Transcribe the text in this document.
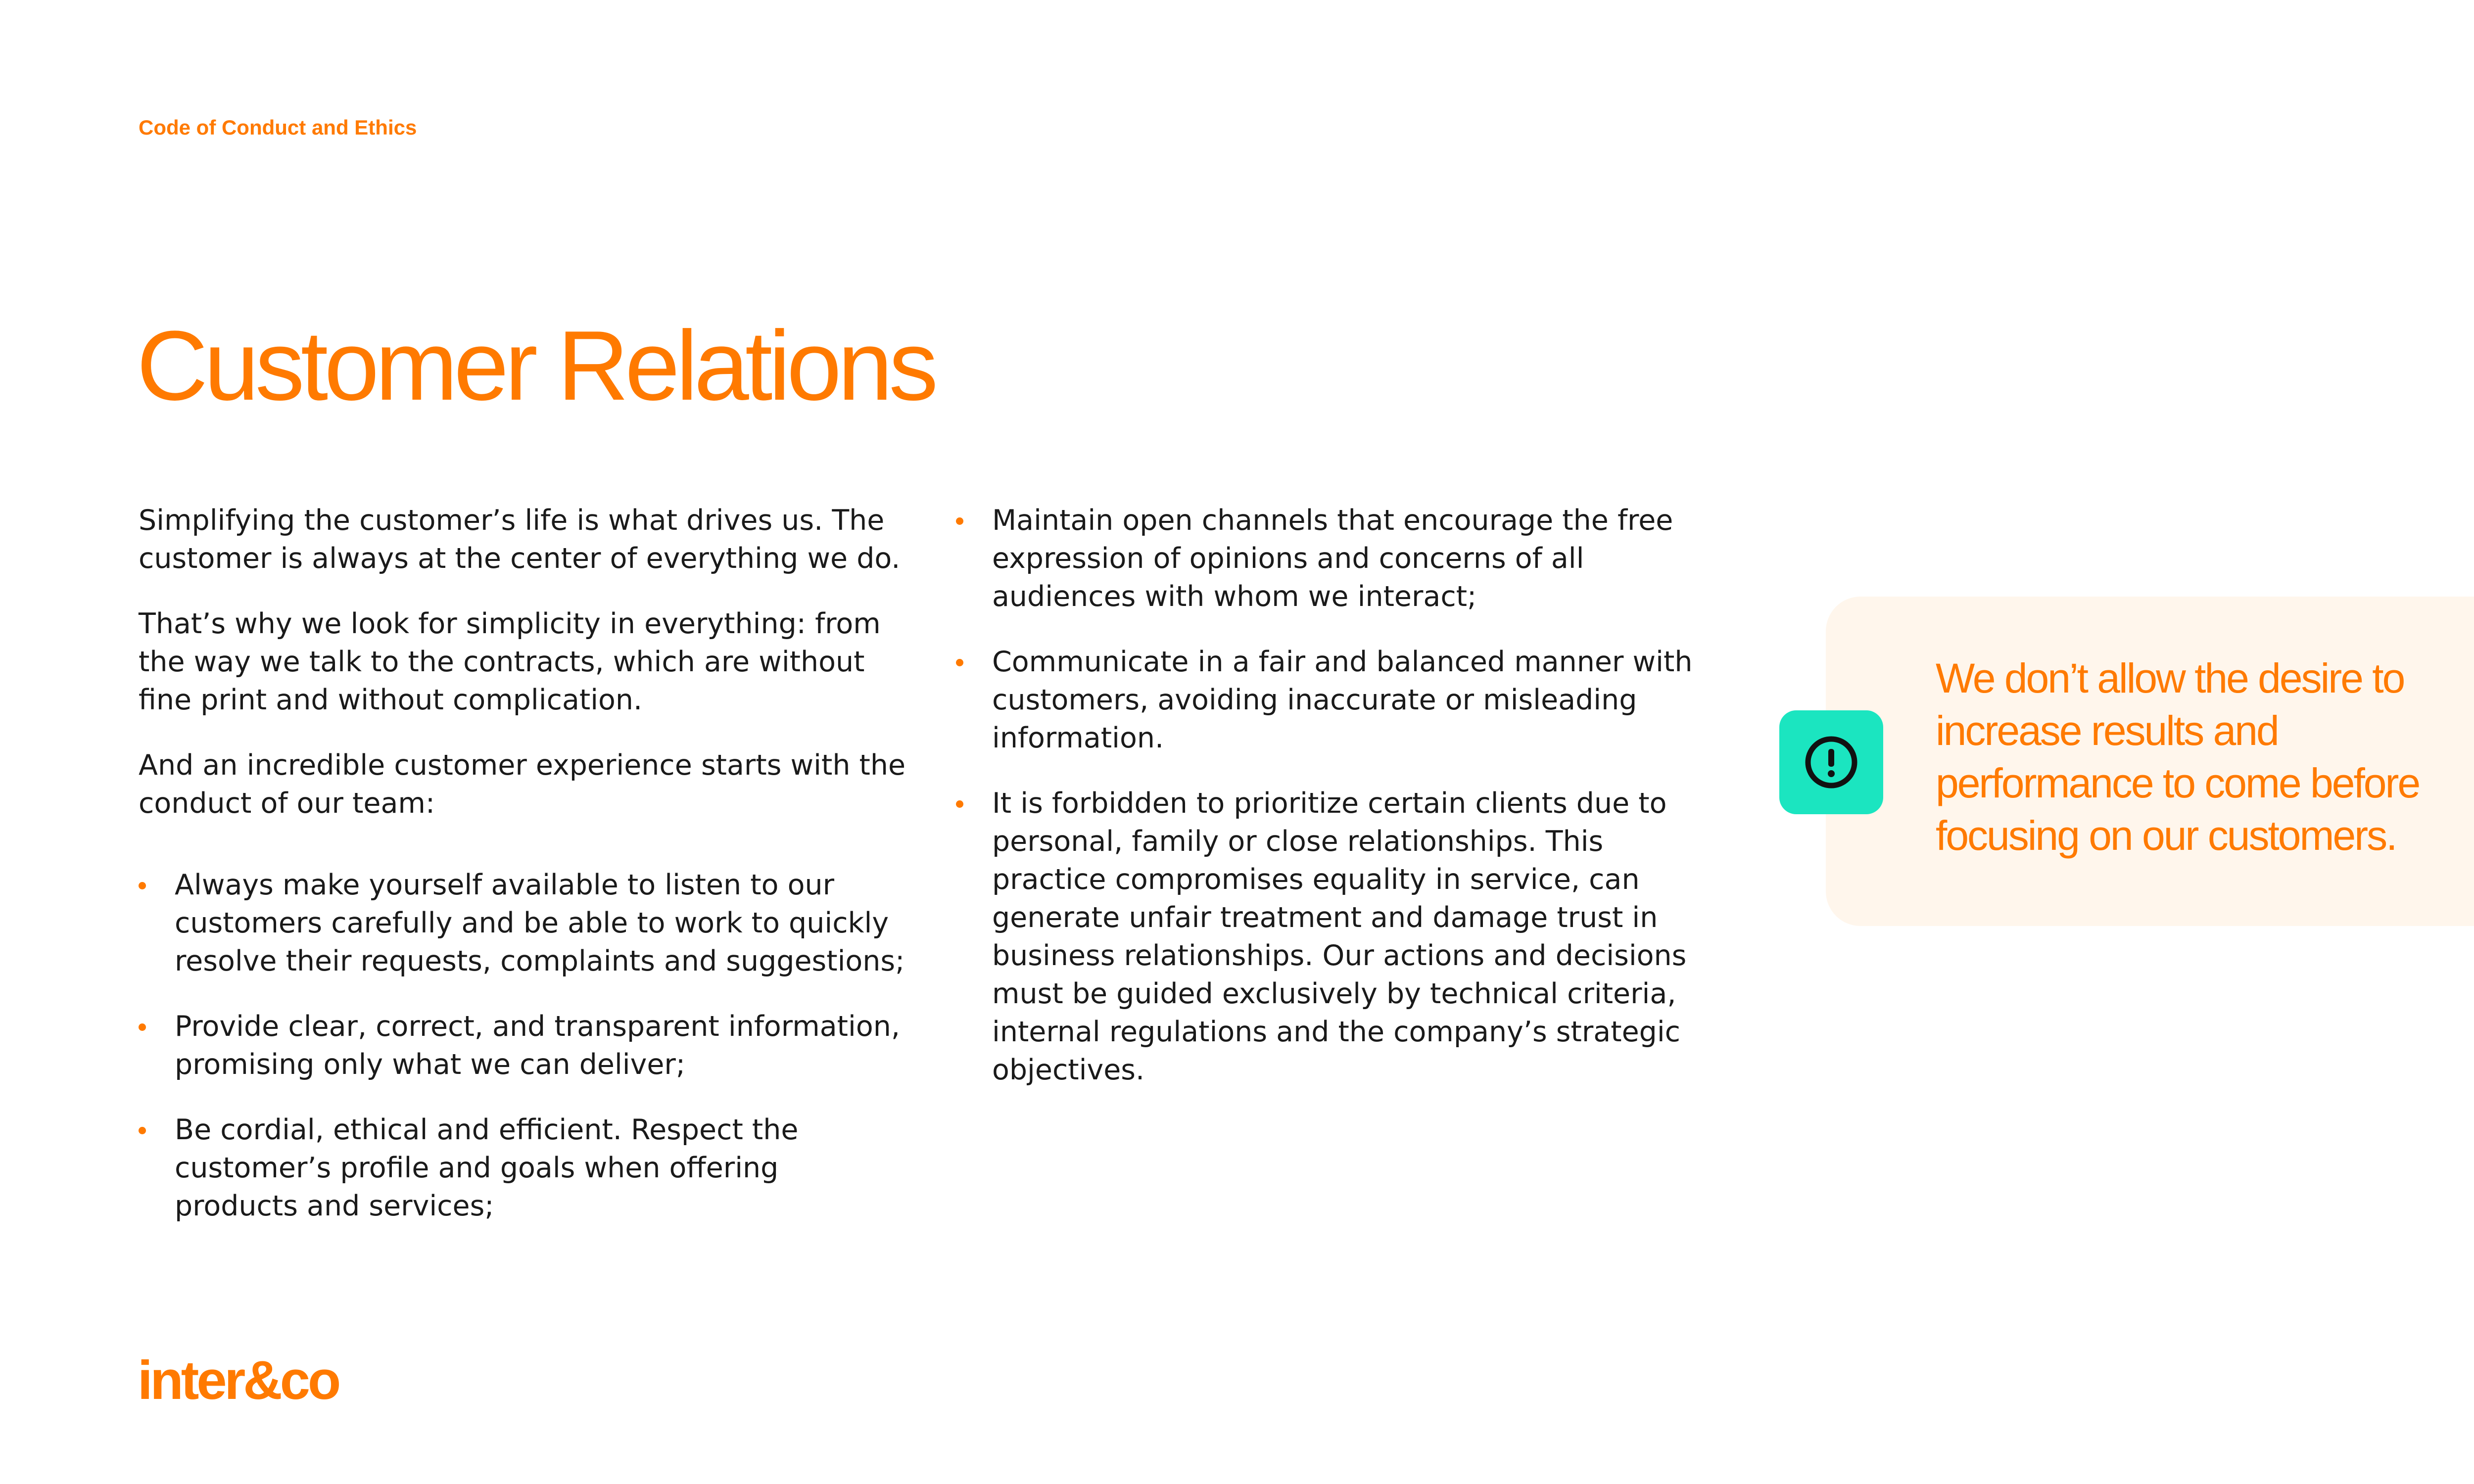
Code of Conduct and Ethics
Customer Relations

Simplifying the customer’s life is what drives us. The customer is always at the center of everything we do.

That’s why we look for simplicity in everything: from the way we talk to the contracts, which are without fine print and without complication.

And an incredible customer experience starts with the conduct of our team:

Always make yourself available to listen to our customers carefully and be able to work to quickly resolve their requests, complaints and suggestions;
Provide clear, correct, and transparent information, promising only what we can deliver;
Be cordial, ethical and efficient. Respect the customer’s profile and goals when offering products and services;
Maintain open channels that encourage the free expression of opinions and concerns of all audiences with whom we interact;
Communicate in a fair and balanced manner with customers, avoiding inaccurate or misleading information.
It is forbidden to prioritize certain clients due to personal, family or close relationships. This practice compromises equality in service, can generate unfair treatment and damage trust in business relationships. Our actions and decisions must be guided exclusively by technical criteria, internal regulations and the company’s strategic objectives.
We don’t allow the desire to increase results and performance to come before focusing on our customers.
inter&co
